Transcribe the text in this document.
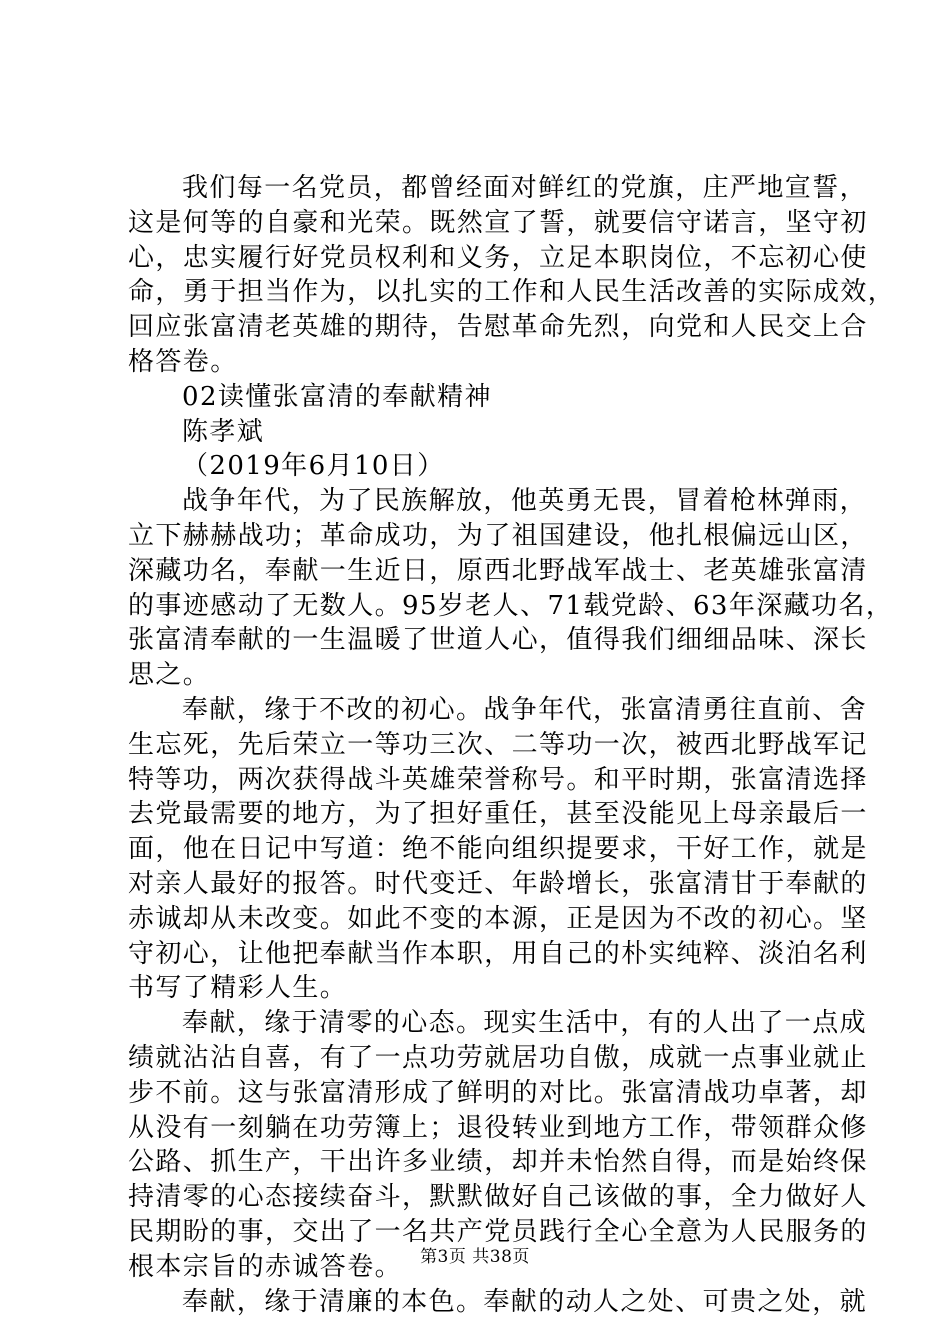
我们每一名党员，都曾经面对鲜红的党旗，庄严地宣誓，
这是何等的自豪和光荣。既然宣了誓，就要信守诺言，坚守初
心，忠实履行好党员权利和义务，立足本职岗位，不忘初心使
命，勇于担当作为，以扎实的工作和人民生活改善的实际成效，
回应张富清老英雄的期待，告慰革命先烈，向党和人民交上合
格答卷。
02读懂张富清的奉献精神
陈孝斌
（2019年6月10日）
战争年代，为了民族解放，他英勇无畏，冒着枪林弹雨，
立下赫赫战功；革命成功，为了祖国建设，他扎根偏远山区，
深藏功名，奉献一生近日，原西北野战军战士、老英雄张富清
的事迹感动了无数人。95岁老人、71载党龄、63年深藏功名，
张富清奉献的一生温暖了世道人心，值得我们细细品味、深长
思之。
奉献，缘于不改的初心。战争年代，张富清勇往直前、舍
生忘死，先后荣立一等功三次、二等功一次，被西北野战军记
特等功，两次获得战斗英雄荣誉称号。和平时期，张富清选择
去党最需要的地方，为了担好重任，甚至没能见上母亲最后一
面，他在日记中写道：绝不能向组织提要求，干好工作，就是
对亲人最好的报答。时代变迁、年龄增长，张富清甘于奉献的
赤诚却从未改变。如此不变的本源，正是因为不改的初心。坚
守初心，让他把奉献当作本职，用自己的朴实纯粹、淡泊名利
书写了精彩人生。
奉献，缘于清零的心态。现实生活中，有的人出了一点成
绩就沾沾自喜，有了一点功劳就居功自傲，成就一点事业就止
步不前。这与张富清形成了鲜明的对比。张富清战功卓著，却
从没有一刻躺在功劳簿上；退役转业到地方工作，带领群众修
公路、抓生产，干出许多业绩，却并未怡然自得，而是始终保
持清零的心态接续奋斗，默默做好自己该做的事，全力做好人
民期盼的事，交出了一名共产党员践行全心全意为人民服务的
根本宗旨的赤诚答卷。
奉献，缘于清廉的本色。奉献的动人之处、可贵之处，就
第3页 共38页
